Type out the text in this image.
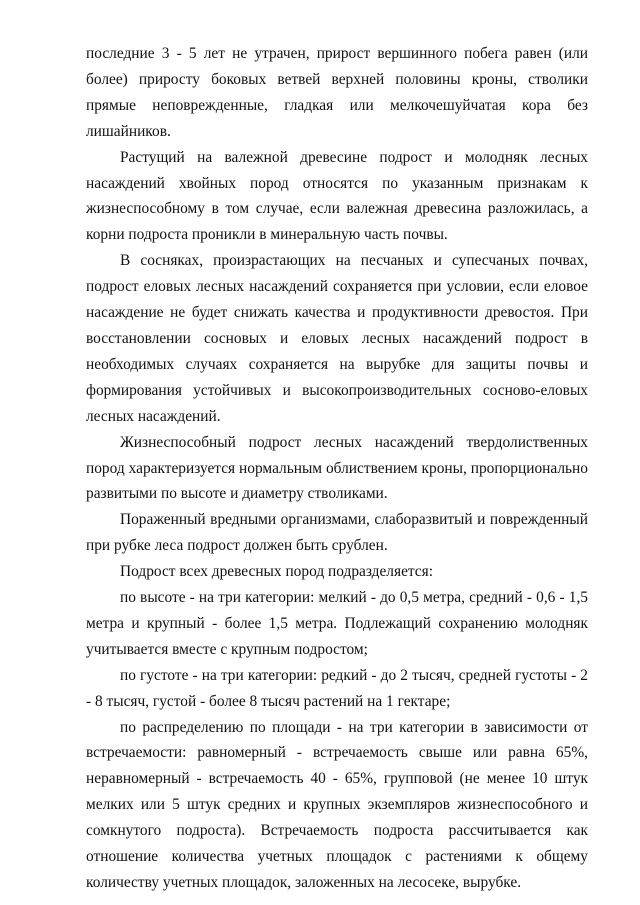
последние 3 - 5 лет не утрачен, прирост вершинного побега равен (или более) приросту боковых ветвей верхней половины кроны, стволики прямые неповрежденные, гладкая или мелкочешуйчатая кора без лишайников.

Растущий на валежной древесине подрост и молодняк лесных насаждений хвойных пород относятся по указанным признакам к жизнеспособному в том случае, если валежная древесина разложилась, а корни подроста проникли в минеральную часть почвы.

В сосняках, произрастающих на песчаных и супесчаных почвах, подрост еловых лесных насаждений сохраняется при условии, если еловое насаждение не будет снижать качества и продуктивности древостоя. При восстановлении сосновых и еловых лесных насаждений подрост в необходимых случаях сохраняется на вырубке для защиты почвы и формирования устойчивых и высокопроизводительных сосново-еловых лесных насаждений.

Жизнеспособный подрост лесных насаждений твердолиственных пород характеризуется нормальным облиствением кроны, пропорционально развитыми по высоте и диаметру стволиками.

Пораженный вредными организмами, слаборазвитый и поврежденный при рубке леса подрост должен быть срублен.

Подрост всех древесных пород подразделяется:

по высоте - на три категории: мелкий - до 0,5 метра, средний - 0,6 - 1,5 метра и крупный - более 1,5 метра. Подлежащий сохранению молодняк учитывается вместе с крупным подростом;

по густоте - на три категории: редкий - до 2 тысяч, средней густоты - 2 - 8 тысяч, густой - более 8 тысяч растений на 1 гектаре;

по распределению по площади - на три категории в зависимости от встречаемости: равномерный - встречаемость свыше или равна 65%, неравномерный - встречаемость 40 - 65%, групповой (не менее 10 штук мелких или 5 штук средних и крупных экземпляров жизнеспособного и сомкнутого подроста). Встречаемость подроста рассчитывается как отношение количества учетных площадок с растениями к общему количеству учетных площадок, заложенных на лесосеке, вырубке.
